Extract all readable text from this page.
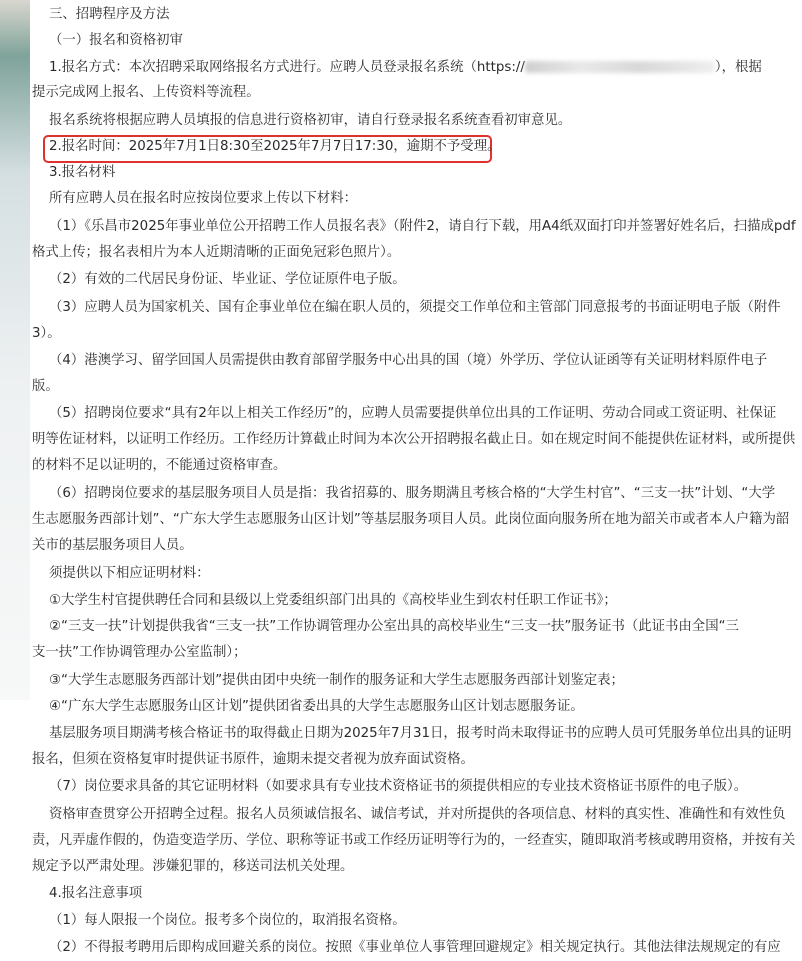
三、招聘程序及方法
（一）报名和资格初审
1.报名方式：本次招聘采取网络报名方式进行。应聘人员登录报名系统（https://	），根据
提示完成网上报名、上传资料等流程。
报名系统将根据应聘人员填报的信息进行资格初审，请自行登录报名系统查看初审意见。
2.报名时间：2025年7月1日8:30至2025年7月7日17:30，逾期不予受理。
3.报名材料
所有应聘人员在报名时应按岗位要求上传以下材料：
（1）《乐昌市2025年事业单位公开招聘工作人员报名表》（附件2，请自行下载，用A4纸双面打印并签署好姓名后，扫描成pdf
格式上传；报名表相片为本人近期清晰的正面免冠彩色照片）。
（2）有效的二代居民身份证、毕业证、学位证原件电子版。
（3）应聘人员为国家机关、国有企事业单位在编在职人员的，须提交工作单位和主管部门同意报考的书面证明电子版（附件
3）。
（4）港澳学习、留学回国人员需提供由教育部留学服务中心出具的国（境）外学历、学位认证函等有关证明材料原件电子
版。
（5）招聘岗位要求“具有2年以上相关工作经历”的，应聘人员需要提供单位出具的工作证明、劳动合同或工资证明、社保证
明等佐证材料，以证明工作经历。工作经历计算截止时间为本次公开招聘报名截止日。如在规定时间不能提供佐证材料，或所提供
的材料不足以证明的，不能通过资格审查。
（6）招聘岗位要求的基层服务项目人员是指：我省招募的、服务期满且考核合格的“大学生村官”、“三支一扶”计划、“大学
生志愿服务西部计划”、“广东大学生志愿服务山区计划”等基层服务项目人员。此岗位面向服务所在地为韶关市或者本人户籍为韶
关市的基层服务项目人员。
须提供以下相应证明材料：
①大学生村官提供聘任合同和县级以上党委组织部门出具的《高校毕业生到农村任职工作证书》；
②“三支一扶”计划提供我省“三支一扶”工作协调管理办公室出具的高校毕业生“三支一扶”服务证书（此证书由全国“三
支一扶”工作协调管理办公室监制）；
③“大学生志愿服务西部计划”提供由团中央统一制作的服务证和大学生志愿服务西部计划鉴定表；
④“广东大学生志愿服务山区计划”提供团省委出具的大学生志愿服务山区计划志愿服务证。
基层服务项目期满考核合格证书的取得截止日期为2025年7月31日，报考时尚未取得证书的应聘人员可凭服务单位出具的证明
报名，但须在资格复审时提供证书原件，逾期未提交者视为放弃面试资格。
（7）岗位要求具备的其它证明材料（如要求具有专业技术资格证书的须提供相应的专业技术资格证书原件的电子版）。
资格审查贯穿公开招聘全过程。报名人员须诚信报名、诚信考试，并对所提供的各项信息、材料的真实性、准确性和有效性负
责，凡弄虚作假的，伪造变造学历、学位、职称等证书或工作经历证明等行为的，一经查实，随即取消考核或聘用资格，并按有关
规定予以严肃处理。涉嫌犯罪的，移送司法机关处理。
4.报名注意事项
（1）每人限报一个岗位。报考多个岗位的，取消报名资格。
（2）不得报考聘用后即构成回避关系的岗位。按照《事业单位人事管理回避规定》相关规定执行。其他法律法规规定的有应
